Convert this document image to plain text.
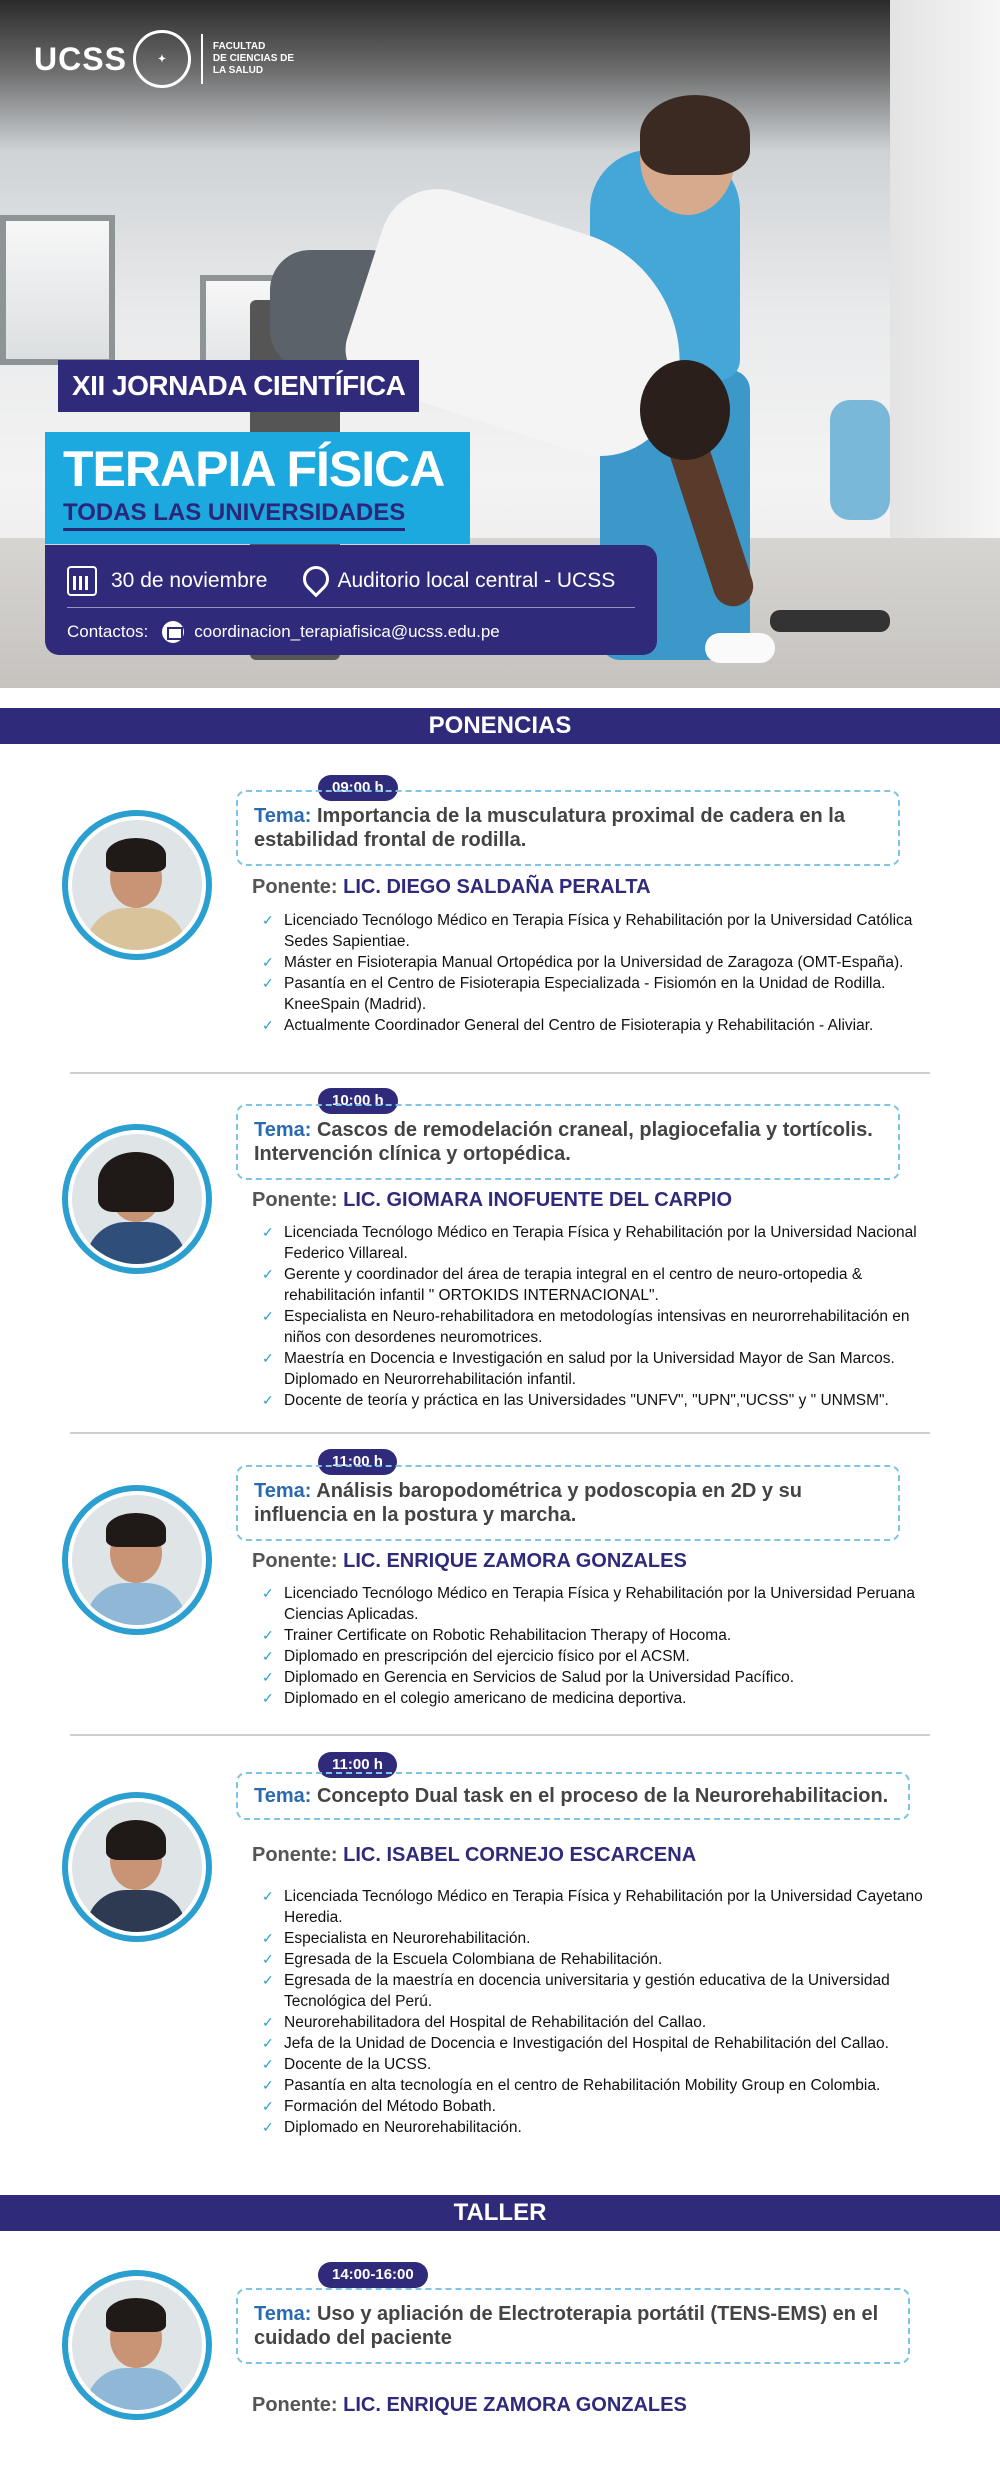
UCSS	✦
FACULTAD
DE CIENCIAS DE
LA SALUD
XII JORNADA CIENTÍFICA
TERAPIA FÍSICA
TODAS LAS UNIVERSIDADES
30 de noviembre	Auditorio local central - UCSS
Contactos:	coordinacion_terapiafisica@ucss.edu.pe
PONENCIAS
09:00 h
Tema: Importancia de la musculatura proximal de cadera en la estabilidad frontal de rodilla.
Ponente: LIC. DIEGO SALDAÑA PERALTA
✓ Licenciado Tecnólogo Médico en Terapia Física y Rehabilitación por la Universidad Católica Sedes Sapientiae.
✓ Máster en Fisioterapia Manual Ortopédica por la Universidad de Zaragoza (OMT-España).
✓ Pasantía en el Centro de Fisioterapia Especializada - Fisiomón en la Unidad de Rodilla. KneeSpain (Madrid).
✓ Actualmente Coordinador General del Centro de Fisioterapia y Rehabilitación - Aliviar.
10:00 h
Tema: Cascos de remodelación craneal, plagiocefalia y tortícolis. Intervención clínica y ortopédica.
Ponente: LIC. GIOMARA INOFUENTE DEL CARPIO
✓ Licenciada Tecnólogo Médico en Terapia Física y Rehabilitación por la Universidad Nacional Federico Villareal.
✓ Gerente y coordinador del área de terapia integral en el centro de neuro-ortopedia & rehabilitación infantil " ORTOKIDS INTERNACIONAL".
✓ Especialista en Neuro-rehabilitadora en metodologías intensivas en neurorrehabilitación en niños con desordenes neuromotrices.
✓ Maestría en Docencia e Investigación en salud por la Universidad Mayor de San Marcos. Diplomado en Neurorrehabilitación infantil.
✓ Docente de teoría y práctica en las Universidades "UNFV", "UPN","UCSS" y " UNMSM".
11:00 h
Tema: Análisis baropodométrica y podoscopia en 2D y su influencia en la postura y marcha.
Ponente: LIC. ENRIQUE ZAMORA GONZALES
✓ Licenciado Tecnólogo Médico en Terapia Física y Rehabilitación por la Universidad Peruana Ciencias Aplicadas.
✓ Trainer Certificate on Robotic Rehabilitacion Therapy of Hocoma.
✓ Diplomado en prescripción del ejercicio físico por el ACSM.
✓ Diplomado en Gerencia en Servicios de Salud por la Universidad Pacífico.
✓ Diplomado en el colegio americano de medicina deportiva.
11:00 h
Tema: Concepto Dual task en el proceso de la Neurorehabilitacion.
Ponente: LIC. ISABEL CORNEJO ESCARCENA
✓ Licenciada Tecnólogo Médico en Terapia Física y Rehabilitación por la Universidad Cayetano Heredia.
✓ Especialista en Neurorehabilitación.
✓ Egresada de la Escuela Colombiana de Rehabilitación.
✓ Egresada de la maestría en docencia universitaria y gestión educativa de la Universidad Tecnológica del Perú.
✓ Neurorehabilitadora del Hospital de Rehabilitación del Callao.
✓ Jefa de la Unidad de Docencia e Investigación del Hospital de Rehabilitación del Callao.
✓ Docente de la UCSS.
✓ Pasantía en alta tecnología en el centro de Rehabilitación Mobility Group en Colombia.
✓ Formación del Método Bobath.
✓ Diplomado en Neurorehabilitación.
TALLER
14:00-16:00
Tema: Uso y apliación de Electroterapia portátil (TENS-EMS) en el cuidado del paciente
Ponente: LIC. ENRIQUE ZAMORA GONZALES
